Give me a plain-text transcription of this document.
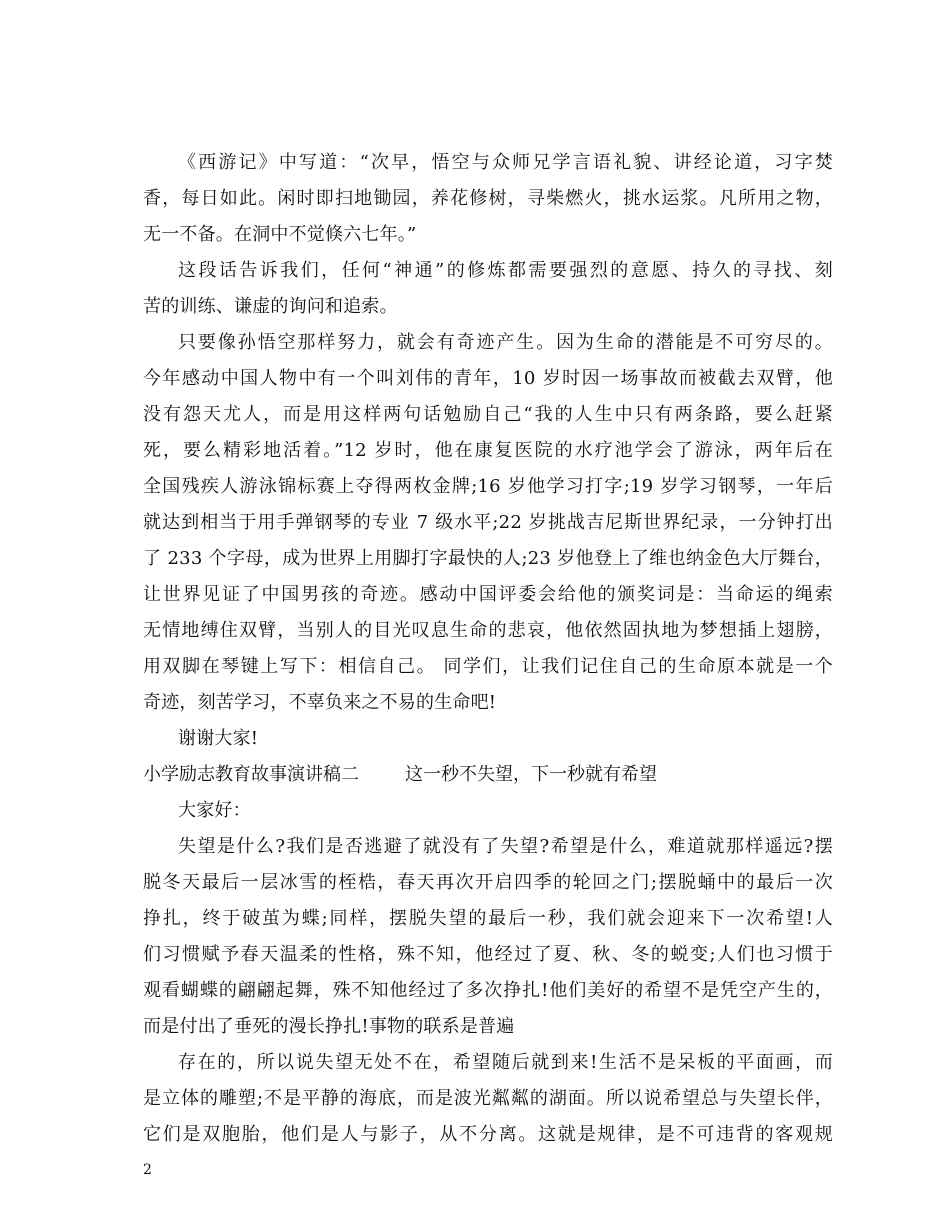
《西游记》中写道：“次早，悟空与众师兄学言语礼貌、讲经论道，习字焚
香，每日如此。闲时即扫地锄园，养花修树，寻柴燃火，挑水运浆。凡所用之物，
无一不备。在洞中不觉倏六七年。”
这段话告诉我们，任何“神通”的修炼都需要强烈的意愿、持久的寻找、刻
苦的训练、谦虚的询问和追索。
只要像孙悟空那样努力，就会有奇迹产生。因为生命的潜能是不可穷尽的。
今年感动中国人物中有一个叫刘伟的青年，10 岁时因一场事故而被截去双臂，他
没有怨天尤人，而是用这样两句话勉励自己“我的人生中只有两条路，要么赶紧
死，要么精彩地活着。”12 岁时，他在康复医院的水疗池学会了游泳，两年后在
全国残疾人游泳锦标赛上夺得两枚金牌;16 岁他学习打字;19 岁学习钢琴，一年后
就达到相当于用手弹钢琴的专业 7 级水平;22 岁挑战吉尼斯世界纪录，一分钟打出
了 233 个字母，成为世界上用脚打字最快的人;23 岁他登上了维也纳金色大厅舞台，
让世界见证了中国男孩的奇迹。感动中国评委会给他的颁奖词是：当命运的绳索
无情地缚住双臂，当别人的目光叹息生命的悲哀，他依然固执地为梦想插上翅膀，
用双脚在琴键上写下：相信自己。 同学们，让我们记住自己的生命原本就是一个
奇迹，刻苦学习，不辜负来之不易的生命吧!
谢谢大家!
小学励志教育故事演讲稿二	这一秒不失望，下一秒就有希望
大家好：
失望是什么?我们是否逃避了就没有了失望?希望是什么，难道就那样遥远?摆
脱冬天最后一层冰雪的桎梏，春天再次开启四季的轮回之门;摆脱蛹中的最后一次
挣扎，终于破茧为蝶;同样，摆脱失望的最后一秒，我们就会迎来下一次希望!人
们习惯赋予春天温柔的性格，殊不知，他经过了夏、秋、冬的蜕变;人们也习惯于
观看蝴蝶的翩翩起舞，殊不知他经过了多次挣扎!他们美好的希望不是凭空产生的，
而是付出了垂死的漫长挣扎!事物的联系是普遍
存在的，所以说失望无处不在，希望随后就到来!生活不是呆板的平面画，而
是立体的雕塑;不是平静的海底，而是波光粼粼的湖面。所以说希望总与失望长伴，
它们是双胞胎，他们是人与影子，从不分离。这就是规律，是不可违背的客观规
2
